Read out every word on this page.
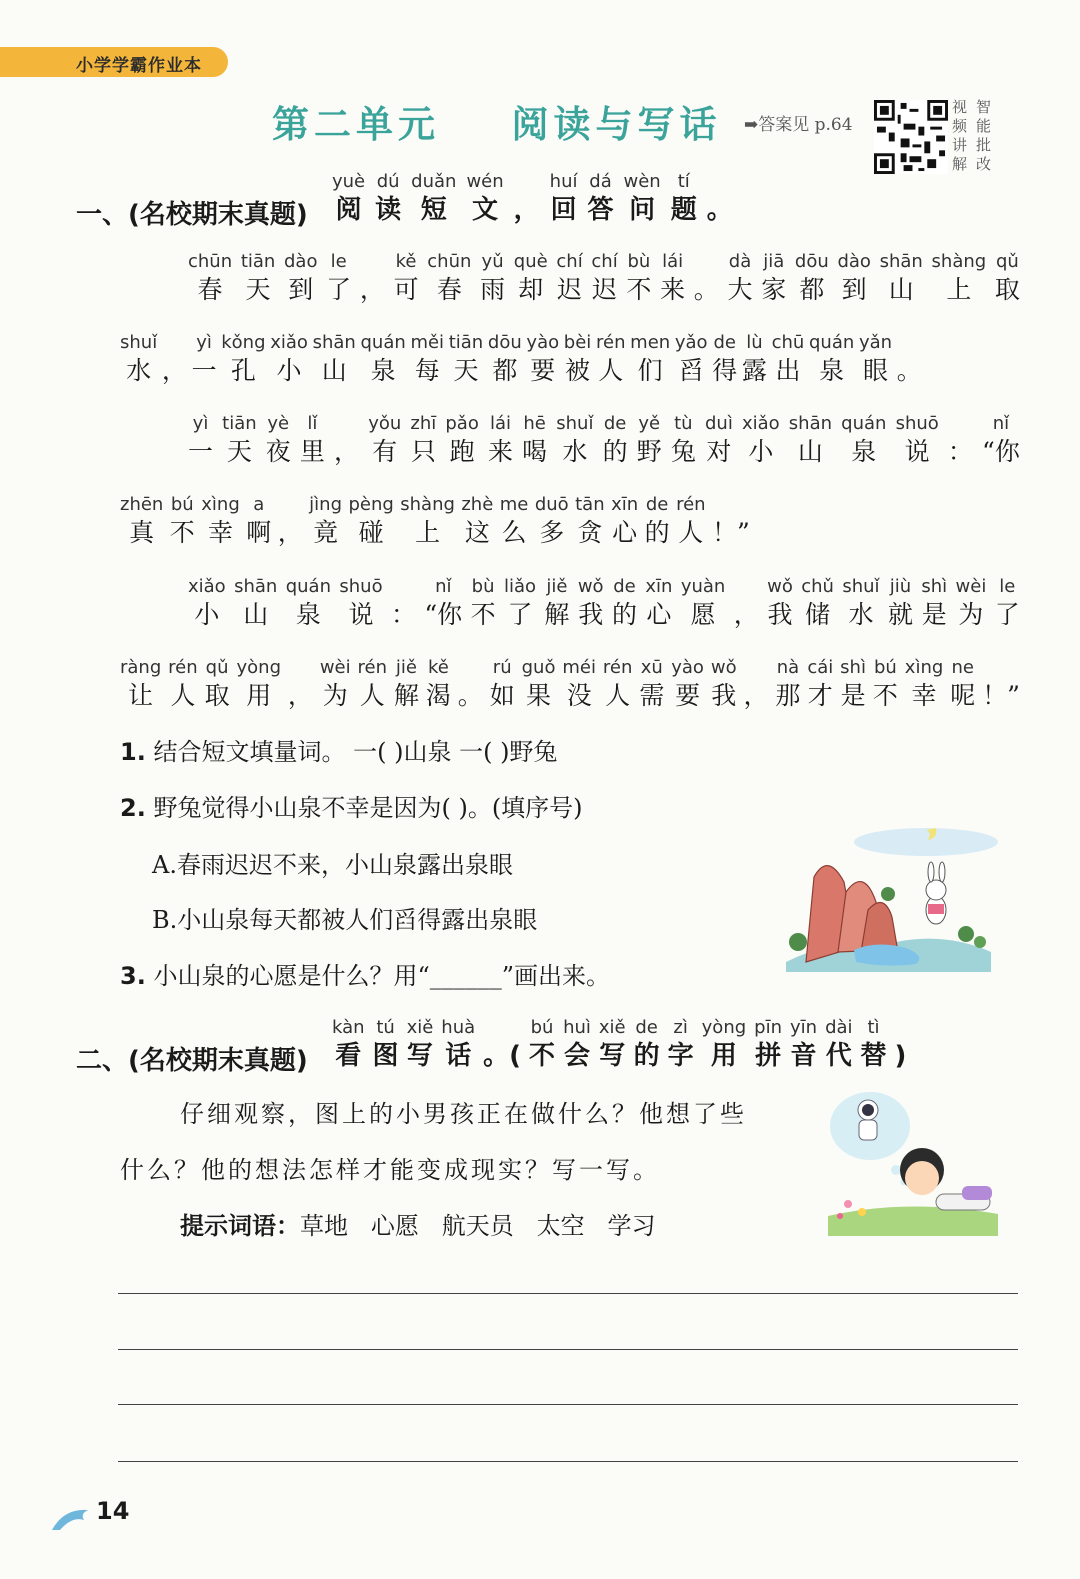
小学学霸作业本
第二单元    阅读与写话 ➡答案见 p.64
视
频
讲
解
智
能
批
改
一、(名校期末真题)
yuè
阅
dú
读
duǎn
短
wén
文 ，
huí
回
dá
答
wèn
问
tí
题 。
chūn
春
tiān
天
dào
到
le
了 ，
kě
可
chūn
春
yǔ
雨
què
却
chí
迟
chí
迟
bù
不
lái
来 。
dà
大
jiā
家
dōu
都
dào
到
shān
山
shàng
上
qǔ
取
shuǐ
水 ，
yì
一
kǒng
孔
xiǎo
小
shān
山
quán
泉
měi
每
tiān
天
dōu
都
yào
要
bèi
被
rén
人
men
们
yǎo
舀
de
得
lù
露
chū
出
quán
泉
yǎn
眼 。
yì
一
tiān
天
yè
夜
lǐ
里 ，
yǒu
有
zhī
只
pǎo
跑
lái
来
hē
喝
shuǐ
水
de
的
yě
野
tù
兔
duì
对
xiǎo
小
shān
山
quán
泉
shuō
说 ：
nǐ
“你
zhēn
真
bú
不
xìng
幸
a
啊 ，
jìng
竟
pèng
碰
shàng
上
zhè
这
me
么
duō
多
tān
贪
xīn
心
de
的
rén
人 ！”
xiǎo
小
shān
山
quán
泉
shuō
说 ：
nǐ
“你
bù
不
liǎo
了
jiě
解
wǒ
我
de
的
xīn
心
yuàn
愿 ，
wǒ
我
chǔ
储
shuǐ
水
jiù
就
shì
是
wèi
为
le
了
ràng
让
rén
人
qǔ
取
yòng
用 ，
wèi
为
rén
人
jiě
解
kě
渴 。
rú
如
guǒ
果
méi
没
rén
人
xū
需
yào
要
wǒ
我 ，
nà
那
cái
才
shì
是
bú
不
xìng
幸
ne
呢 ！”
1. 结合短文填量词。 一( )山泉 一( )野兔
2. 野兔觉得小山泉不幸是因为( )。(填序号)
A.春雨迟迟不来，小山泉露出泉眼
B.小山泉每天都被人们舀得露出泉眼
3. 小山泉的心愿是什么？用“______”画出来。
二、(名校期末真题)
kàn
看
tú
图
xiě
写
huà
话 。(
bú
不
huì
会
xiě
写
de
的
zì
字
yòng
用
pīn
拼
yīn
音
dài
代
tì
替 )
仔细观察，图上的小男孩正在做什么？他想了些
什么？他的想法怎样才能变成现实？写一写。
提示词语：草地   心愿   航天员   太空   学习
14
